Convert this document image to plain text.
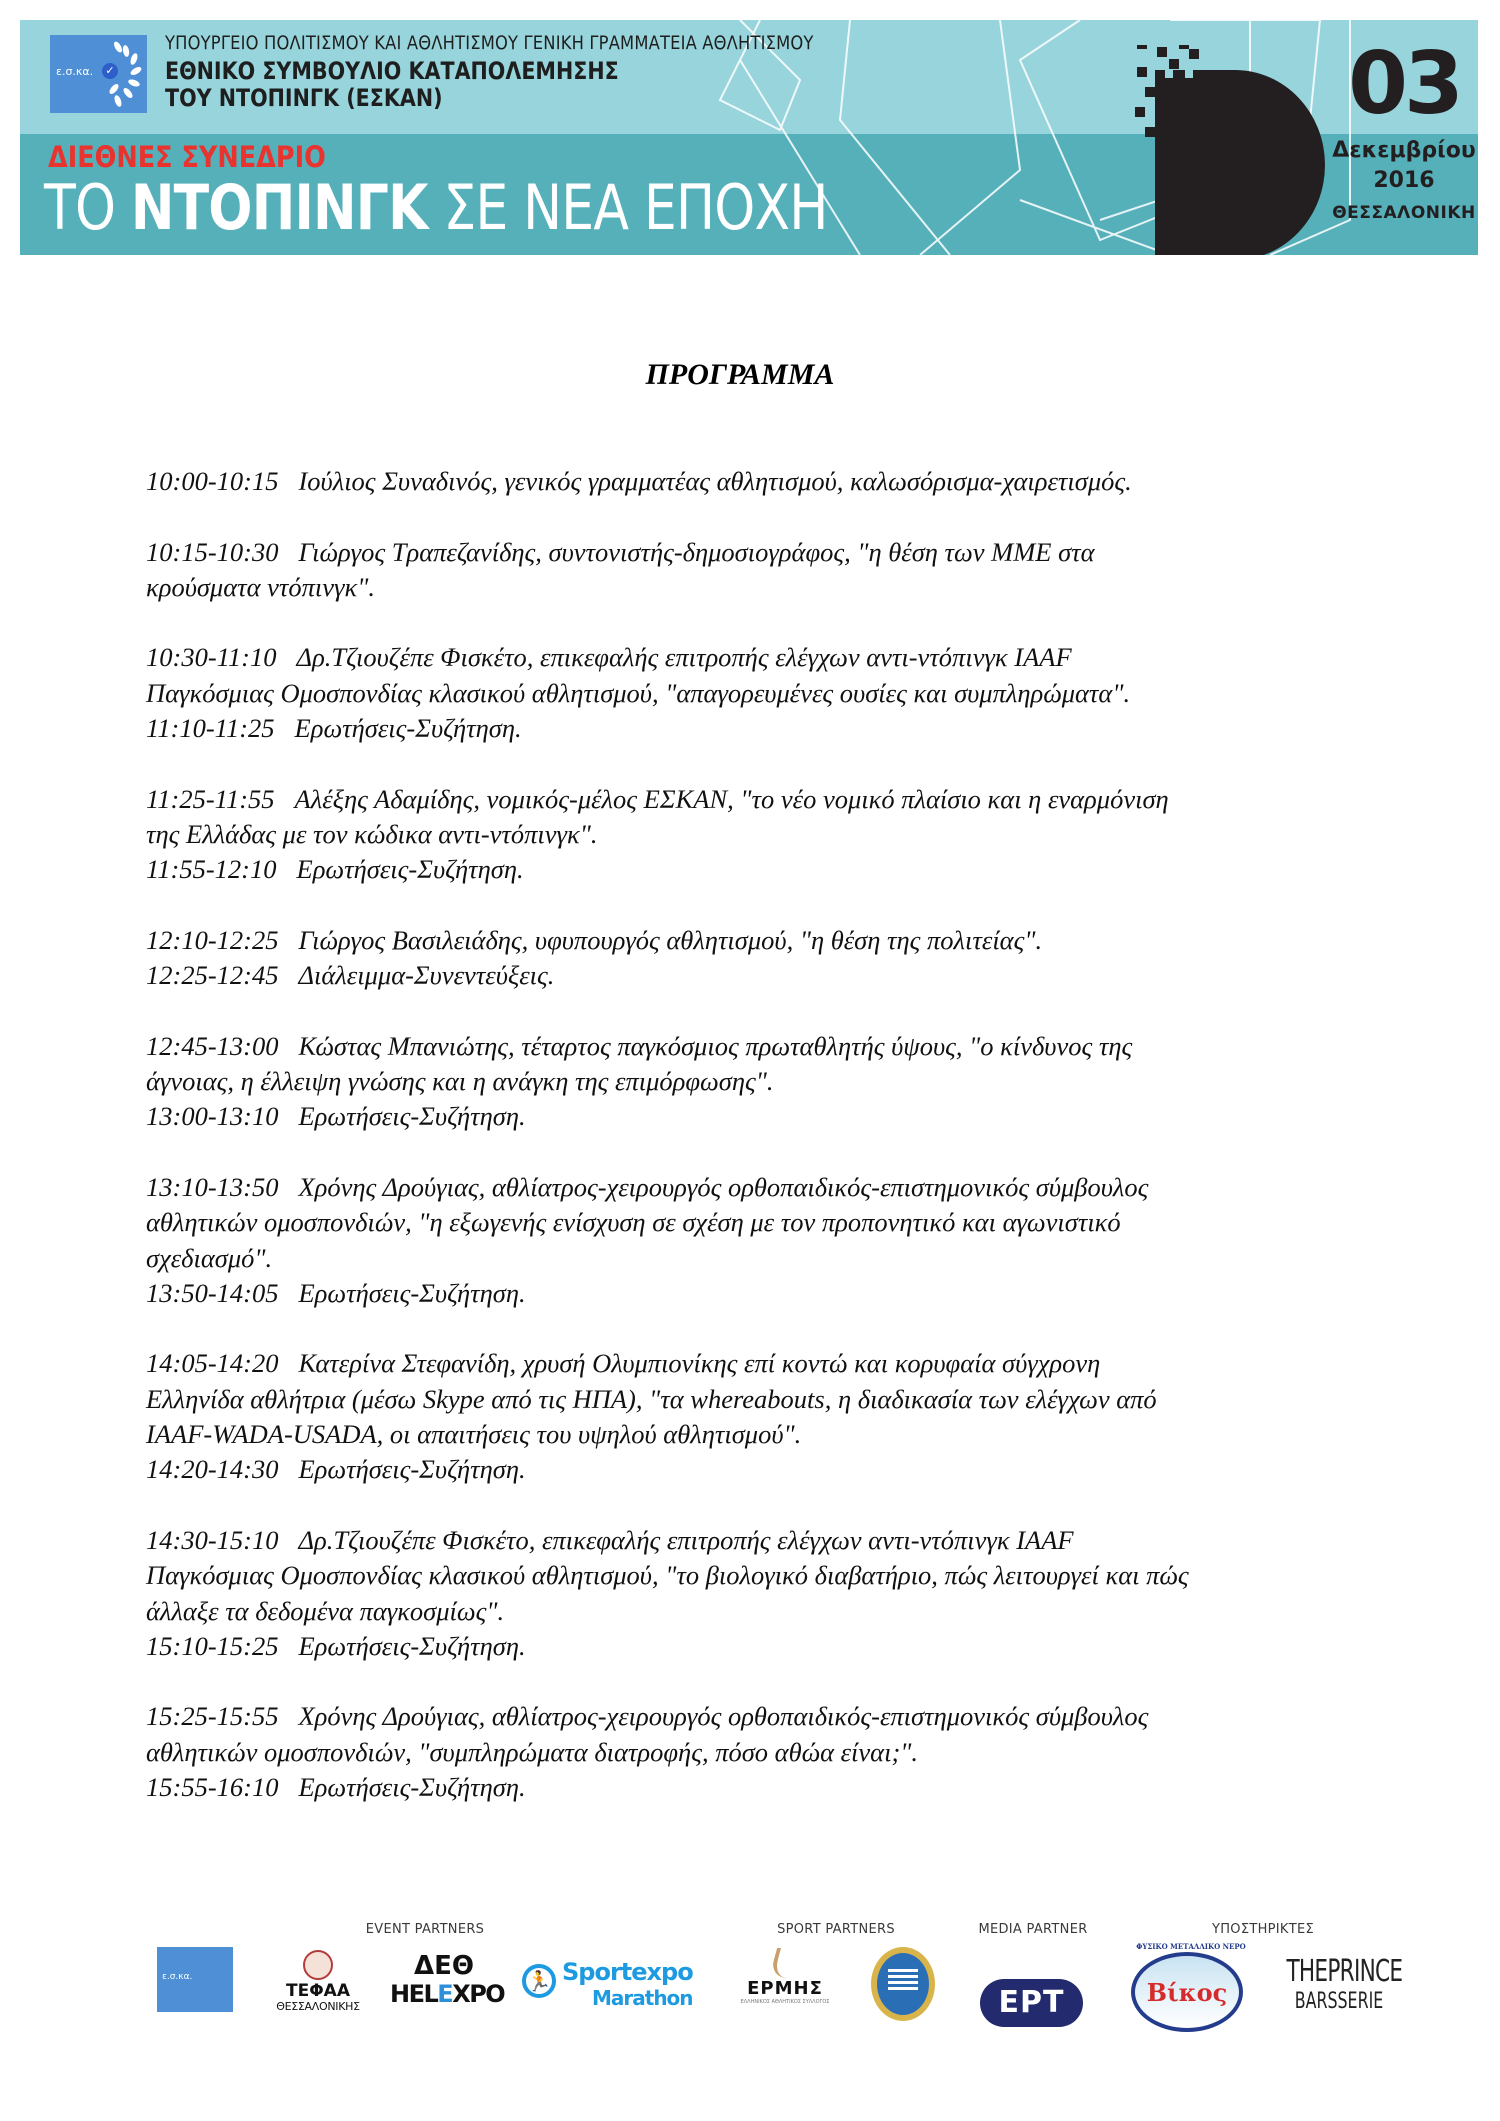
ε.σ.κα.	✓
ΥΠΟΥΡΓΕΙΟ ΠΟΛΙΤΙΣΜΟΥ ΚΑΙ ΑΘΛΗΤΙΣΜΟΥ ΓΕΝΙΚΗ ΓΡΑΜΜΑΤΕΙΑ ΑΘΛΗΤΙΣΜΟΥ
ΕΘΝΙΚΟ ΣΥΜΒΟΥΛΙΟ ΚΑΤΑΠΟΛΕΜΗΣΗΣ
ΤΟΥ ΝΤΟΠΙΝΓΚ (ΕΣΚΑΝ)
ΔΙΕΘΝΕΣ ΣΥΝΕΔΡΙΟ
ΤΟ ΝΤΟΠΙΝΓΚ ΣΕ ΝΕΑ ΕΠΟΧΗ
03
Δεκεμβρίου
2016
ΘΕΣΣΑΛΟΝΙΚΗ
ΠΡΟΓΡΑΜΜΑ
10:00-10:15 Ιούλιος Συναδινός, γενικός γραμματέας αθλητισμού, καλωσόρισμα-χαιρετισμός.
10:15-10:30 Γιώργος Τραπεζανίδης, συντονιστής-δημοσιογράφος, "η θέση των ΜΜΕ στα
κρούσματα ντόπινγκ".
10:30-11:10 Δρ.Τζιουζέπε Φισκέτο, επικεφαλής επιτροπής ελέγχων αντι-ντόπινγκ IAAF
Παγκόσμιας Ομοσπονδίας κλασικού αθλητισμού, "απαγορευμένες ουσίες και συμπληρώματα".
11:10-11:25 Ερωτήσεις-Συζήτηση.
11:25-11:55 Αλέξης Αδαμίδης, νομικός-μέλος ΕΣΚΑΝ, "το νέο νομικό πλαίσιο και η εναρμόνιση
της Ελλάδας με τον κώδικα αντι-ντόπινγκ".
11:55-12:10 Ερωτήσεις-Συζήτηση.
12:10-12:25 Γιώργος Βασιλειάδης, υφυπουργός αθλητισμού, "η θέση της πολιτείας".
12:25-12:45 Διάλειμμα-Συνεντεύξεις.
12:45-13:00 Κώστας Μπανιώτης, τέταρτος παγκόσμιος πρωταθλητής ύψους, "ο κίνδυνος της
άγνοιας, η έλλειψη γνώσης και η ανάγκη της επιμόρφωσης".
13:00-13:10 Ερωτήσεις-Συζήτηση.
13:10-13:50 Χρόνης Δρούγιας, αθλίατρος-χειρουργός ορθοπαιδικός-επιστημονικός σύμβουλος
αθλητικών ομοσπονδιών, "η εξωγενής ενίσχυση σε σχέση με τον προπονητικό και αγωνιστικό
σχεδιασμό".
13:50-14:05 Ερωτήσεις-Συζήτηση.
14:05-14:20 Κατερίνα Στεφανίδη, χρυσή Ολυμπιονίκης επί κοντώ και κορυφαία σύγχρονη
Ελληνίδα αθλήτρια (μέσω Skype από τις ΗΠΑ), "τα whereabouts, η διαδικασία των ελέγχων από
IAAF-WADA-USADA, οι απαιτήσεις του υψηλού αθλητισμού".
14:20-14:30 Ερωτήσεις-Συζήτηση.
14:30-15:10 Δρ.Τζιουζέπε Φισκέτο, επικεφαλής επιτροπής ελέγχων αντι-ντόπινγκ IAAF
Παγκόσμιας Ομοσπονδίας κλασικού αθλητισμού, "το βιολογικό διαβατήριο, πώς λειτουργεί και πώς
άλλαξε τα δεδομένα παγκοσμίως".
15:10-15:25 Ερωτήσεις-Συζήτηση.
15:25-15:55 Χρόνης Δρούγιας, αθλίατρος-χειρουργός ορθοπαιδικός-επιστημονικός σύμβουλος
αθλητικών ομοσπονδιών, "συμπληρώματα διατροφής, πόσο αθώα είναι;".
15:55-16:10 Ερωτήσεις-Συζήτηση.
EVENT PARTNERS	SPORT PARTNERS	MEDIA PARTNER	ΥΠΟΣΤΗΡΙΚΤΕΣ
ε.σ.κα.
ΤΕΦΑΑ
ΘΕΣΣΑΛΟΝΙΚΗΣ
ΔΕΘ
HELEXPO 🏃 Sportexpo
Marathon	ΕΡΜΗΣ
ΕΛΛΗΝΙΚΟΣ ΑΘΛΗΤΙΚΟΣ ΣΥΛΛΟΓΟΣ	ΕΡΤ
ΦΥΣΙΚΟ ΜΕΤΑΛΛΙΚΟ ΝΕΡΟ
Βίκος
THEPRINCE
BARSSERIE
